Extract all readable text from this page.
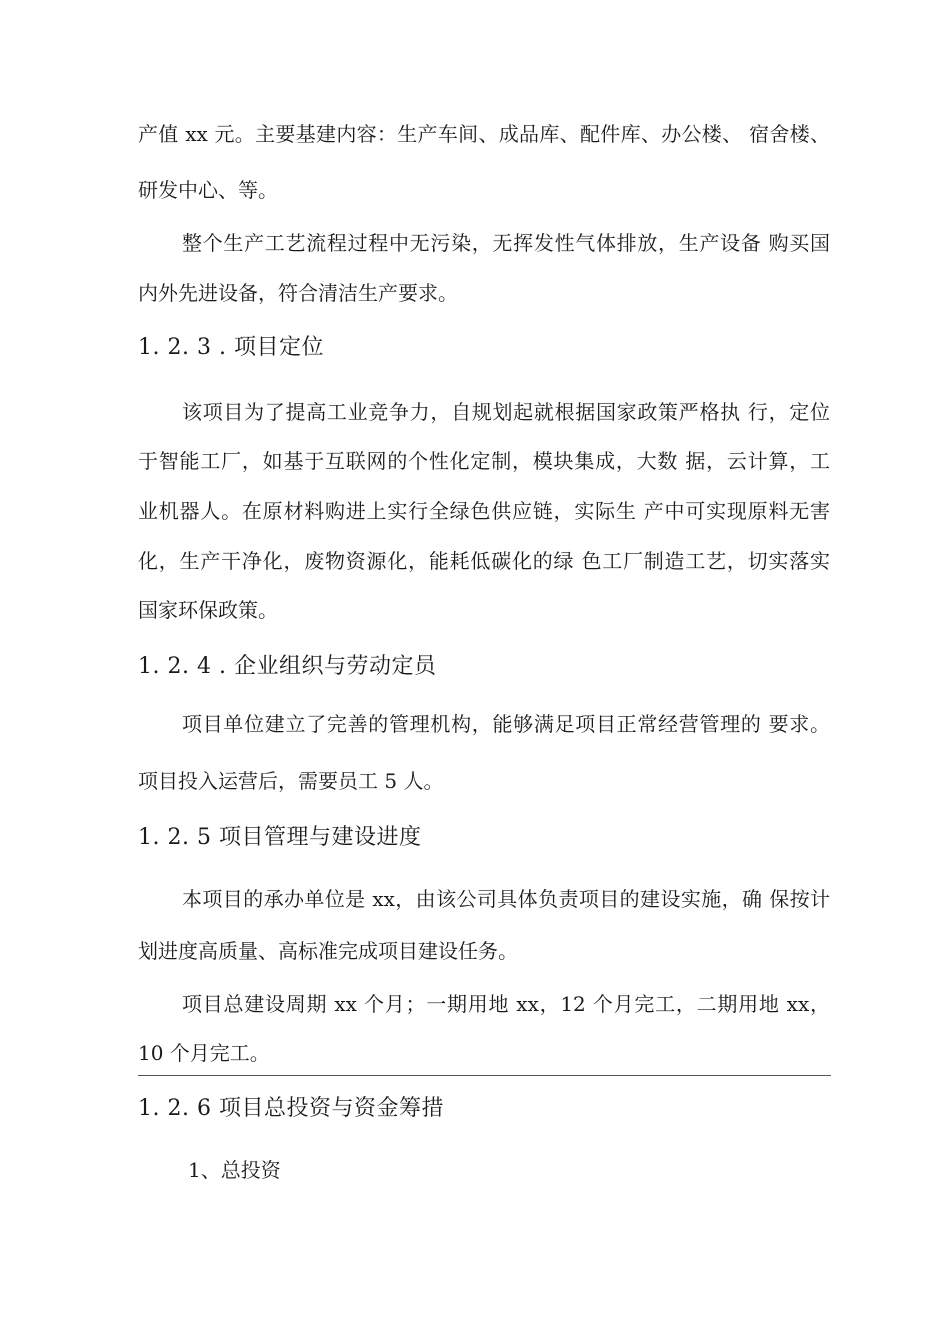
产值 xx 元。主要基建内容：生产车间、成品库、配件库、办公楼、 宿舍楼、
研发中心、等。
整个生产工艺流程过程中无污染，无挥发性气体排放，生产设备 购买国
内外先进设备，符合清洁生产要求。
1. 2. 3 . 项目定位
该项目为了提高工业竞争力，自规划起就根据国家政策严格执 行，定位
于智能工厂，如基于互联网的个性化定制，模块集成，大数 据，云计算，工
业机器人。在原材料购进上实行全绿色供应链，实际生 产中可实现原料无害
化，生产干净化，废物资源化，能耗低碳化的绿 色工厂制造工艺，切实落实
国家环保政策。
1. 2. 4 . 企业组织与劳动定员
项目单位建立了完善的管理机构，能够满足项目正常经营管理的 要求。
项目投入运营后，需要员工 5 人。
1. 2. 5 项目管理与建设进度
本项目的承办单位是 xx，由该公司具体负责项目的建设实施，确 保按计
划进度高质量、高标准完成项目建设任务。
项目总建设周期 xx 个月；一期用地 xx，12 个月完工，二期用地 xx，
10 个月完工。
1. 2. 6 项目总投资与资金筹措
1、总投资
